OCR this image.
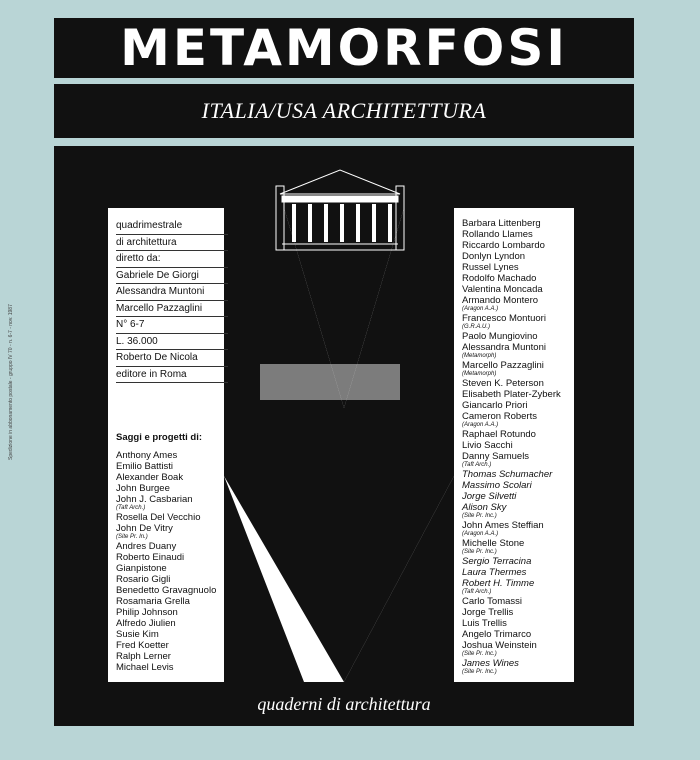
METAMORFOSI
ITALIA/USA ARCHITETTURA
quadrimestrale
di architettura
diretto da:
Gabriele De Giorgi
Alessandra Muntoni
Marcello Pazzaglini
N° 6-7
L. 36.000
Roberto De Nicola
editore in Roma
Saggi e progetti di:
Anthony Ames
Emilio Battisti
Alexander Boak
John Burgee
John J. Casbarian
(Taft Arch.)
Rosella Del Vecchio
John De Vitry
(Site Pr. In.)
Andres Duany
Roberto Einaudi
Gianpistone
Rosario Gigli
Benedetto Gravagnuolo
Rosamaria Grella
Philip Johnson
Alfredo Jiulien
Susie Kim
Fred Koetter
Ralph Lerner
Michael Levis
Barbara Littenberg
Rollando Llames
Riccardo Lombardo
Donlyn Lyndon
Russel Lynes
Rodolfo Machado
Valentina Moncada
Armando Montero
(Aragon A.A.)
Francesco Montuori
(G.R.A.U.)
Paolo Mungiovino
Alessandra Muntoni
(Metamorph)
Marcello Pazzaglini
(Metamorph)
Steven K. Peterson
Elisabeth Plater-Zyberk
Giancarlo Priori
Cameron Roberts
(Aragon A.A.)
Raphael Rotundo
Livio Sacchi
Danny Samuels
(Taft Arch.)
Thomas Schumacher
Massimo Scolari
Jorge Silvetti
Alison Sky
(Site Pr. Inc.)
John Ames Steffian
(Aragon A.A.)
Michelle Stone
(Site Pr. Inc.)
Sergio Terracina
Laura Thermes
Robert H. Timme
(Taft Arch.)
Carlo Tomassi
Jorge Trellis
Luis Trellis
Angelo Trimarco
Joshua Weinstein
(Site Pr. Inc.)
James Wines
(Site Pr. Inc.)
quaderni di architettura
Spedizione in abbonamento postale - gruppo IV 70 - n. 6-7 - nov. 1987
